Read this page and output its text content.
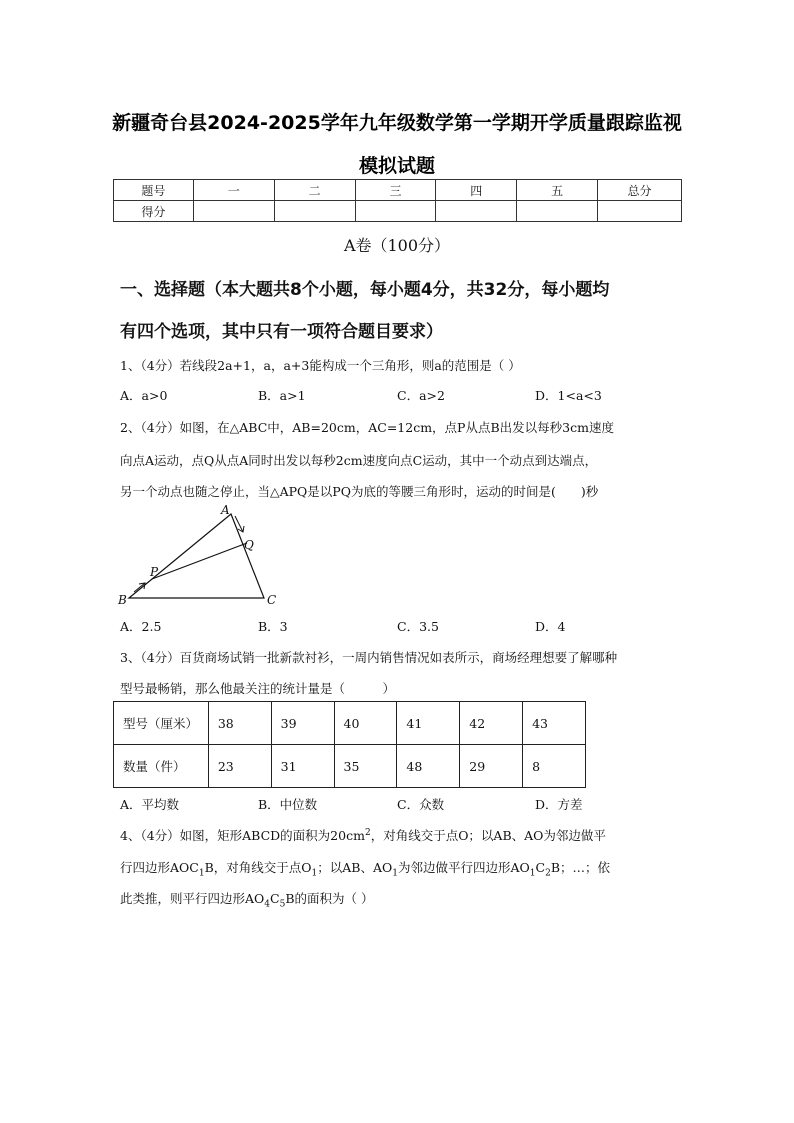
新疆奇台县2024-2025学年九年级数学第一学期开学质量跟踪监视
模拟试题
题号	一	二	三	四	五	总分
得分						
A卷（100分）
一、选择题（本大题共8个小题，每小题4分，共32分，每小题均
有四个选项，其中只有一项符合题目要求）
1、（4分）若线段2a+1，a，a+3能构成一个三角形，则a的范围是（ ）
A．a>0	B．a>1	C．a>2	D．1<a<3
2、（4分）如图，在△ABC中，AB=20cm，AC=12cm，点P从点B出发以每秒3cm速度
向点A运动，点Q从点A同时出发以每秒2cm速度向点C运动，其中一个动点到达端点，
另一个动点也随之停止，当△APQ是以PQ为底的等腰三角形时，运动的时间是(　　)秒
A
B	C
P
Q
A．2.5	B．3	C．3.5	D．4
3、（4分）百货商场试销一批新款衬衫，一周内销售情况如表所示，商场经理想要了解哪种
型号最畅销，那么他最关注的统计量是（　　　）
型号（厘米）	38	39	40	41	42	43
数量（件）	23	31	35	48	29	8
A．平均数	B．中位数	C．众数	D．方差
4、（4分）如图，矩形ABCD的面积为$20cm^2$，对角线交于点O；以AB、AO为邻边做平
行四边形$AOC_1B$，对角线交于点$O_1$；以AB、$AO_1$为邻边做平行四边形$AO_1C_2B$；…；依
此类推，则平行四边形$AO_4C_5B$的面积为（ ）
